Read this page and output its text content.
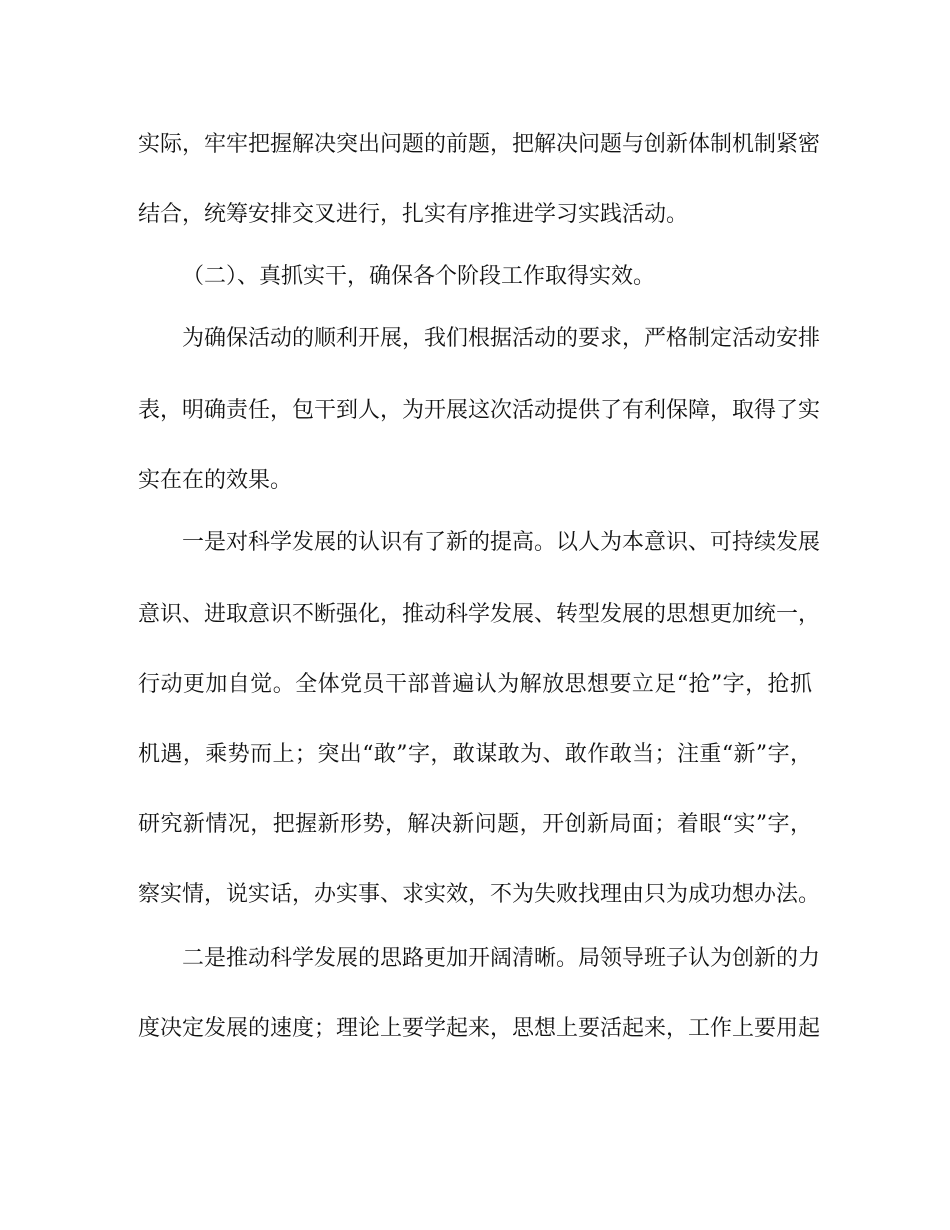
实际，牢牢把握解决突出问题的前题，把解决问题与创新体制机制紧密
结合，统筹安排交叉进行，扎实有序推进学习实践活动。
（二）、真抓实干，确保各个阶段工作取得实效。
为确保活动的顺利开展，我们根据活动的要求，严格制定活动安排
表，明确责任，包干到人，为开展这次活动提供了有利保障，取得了实
实在在的效果。
一是对科学发展的认识有了新的提高。以人为本意识、可持续发展
意识、进取意识不断强化，推动科学发展、转型发展的思想更加统一，
行动更加自觉。全体党员干部普遍认为解放思想要立足“抢”字，抢抓
机遇，乘势而上；突出“敢”字，敢谋敢为、敢作敢当；注重“新”字，
研究新情况，把握新形势，解决新问题，开创新局面；着眼“实”字，
察实情，说实话，办实事、求实效，不为失败找理由只为成功想办法。
二是推动科学发展的思路更加开阔清晰。局领导班子认为创新的力
度决定发展的速度；理论上要学起来，思想上要活起来，工作上要用起
